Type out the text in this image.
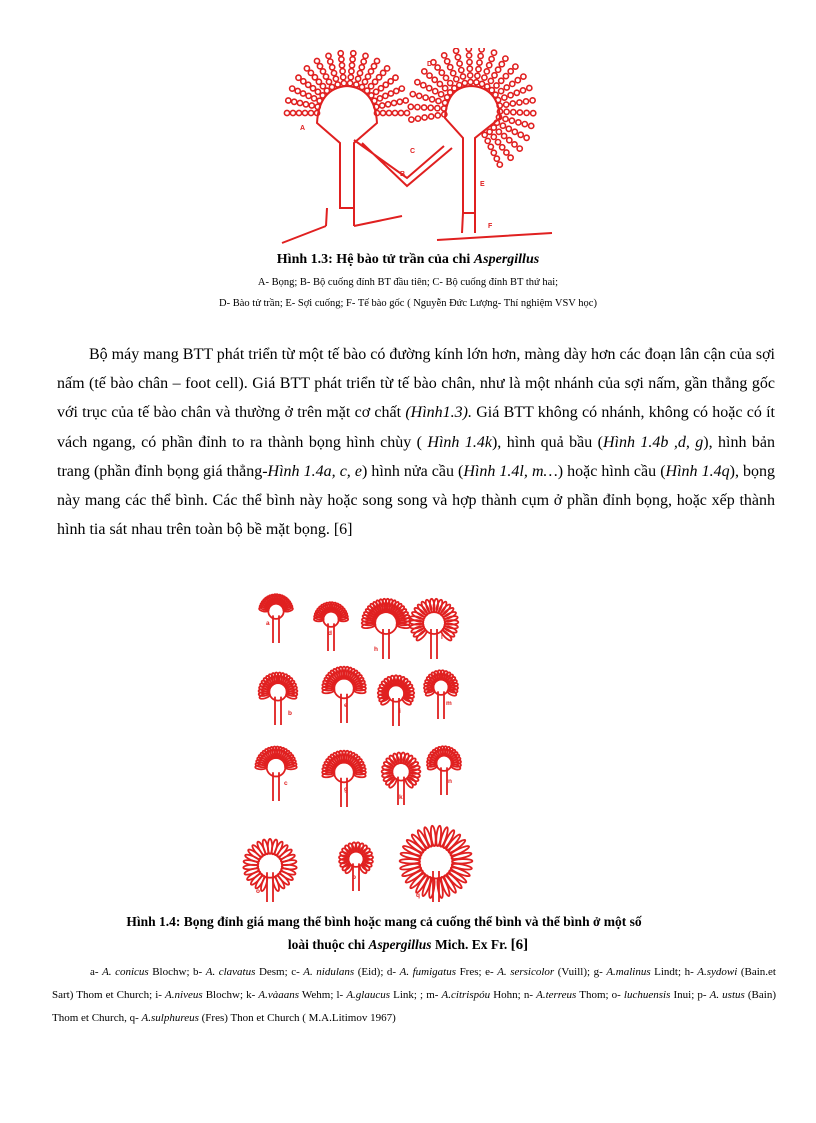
A
B
C
D
E
F
Hình 1.3: Hệ bào tử trần của chi Aspergillus
A- Bọng; B- Bộ cuống đính BT đầu tiên; C- Bộ cuống đính BT thứ hai;
D- Bào tử trần; E- Sợi cuống; F- Tế bào gốc ( Nguyễn Đức Lượng- Thí nghiệm VSV học)
Bộ máy mang BTT phát triển từ một tế bào có đường kính lớn hơn, màng dày hơn các đoạn lân cận của sợi nấm (tế bào chân – foot cell). Giá BTT phát triển từ tế bào chân, như là một nhánh của sợi nấm, gần thẳng gốc với trục của tế bào chân và thường ở trên mặt cơ chất (Hình1.3). Giá BTT không có nhánh, không có hoặc có ít vách ngang, có phần đỉnh to ra thành bọng hình chùy ( Hình 1.4k), hình quả bầu (Hình 1.4b ,d, g), hình bản trang (phần đỉnh bọng giá thẳng-Hình 1.4a, c, e) hình nửa cầu (Hình 1.4l, m…) hoặc hình cầu (Hình 1.4q), bọng này mang các thể bình. Các thể bình này hoặc song song và hợp thành cụm ở phần đỉnh bọng, hoặc xếp thành hình tia sát nhau trên toàn bộ bề mặt bọng. [6]
a
d
h
l
b
e
i
m
c
g
k
n
o
p
q
Hình 1.4: Bọng đỉnh giá mang thể bình hoặc mang cả cuống thể bình và thể bình ở một số
loài thuộc chi Aspergillus Mich. Ex Fr. [6]
a- A. conicus Blochw; b- A. clavatus Desm; c- A. nidulans (Eid); d- A. fumigatus Fres; e- A. sersicolor (Vuill); g- A.malinus Lindt; h- A.sydowi (Bain.et Sart) Thom et Church; i- A.niveus Blochw; k- A.vàaans Wehm; l- A.glaucus Link; ; m- A.citrispóu Hohn; n- A.terreus Thom; o- luchuensis Inui; p- A. ustus (Bain) Thom et Church, q- A.sulphureus (Fres) Thon et Church ( M.A.Litimov 1967)
